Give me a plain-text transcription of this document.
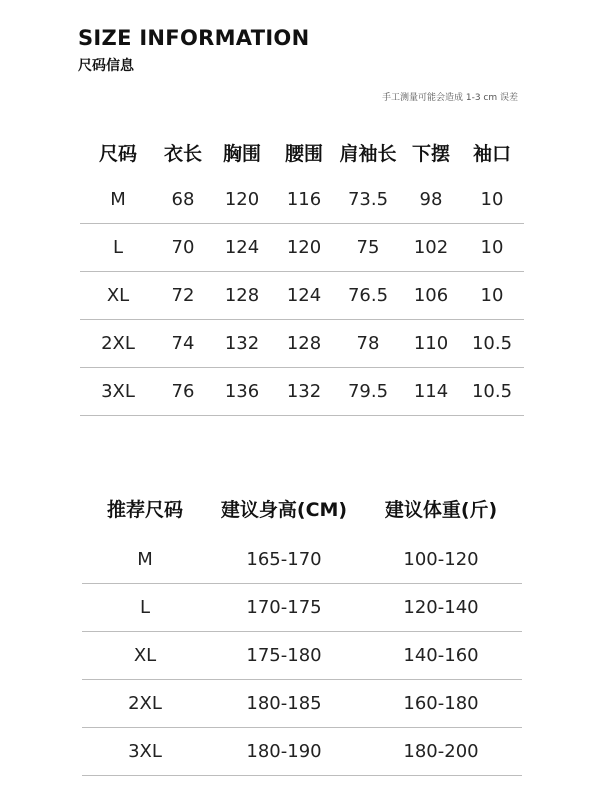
SIZE INFORMATION
尺码信息
手工测量可能会造成 1-3 cm 误差
尺码	衣长	胸围	腰围	肩袖长	下摆	袖口
M	68	120	116	73.5	98	10
L	70	124	120	75	102	10
XL	72	128	124	76.5	106	10
2XL	74	132	128	78	110	10.5
3XL	76	136	132	79.5	114	10.5
推荐尺码	建议身高(CM)	建议体重(斤)
M	165-170	100-120
L	170-175	120-140
XL	175-180	140-160
2XL	180-185	160-180
3XL	180-190	180-200
